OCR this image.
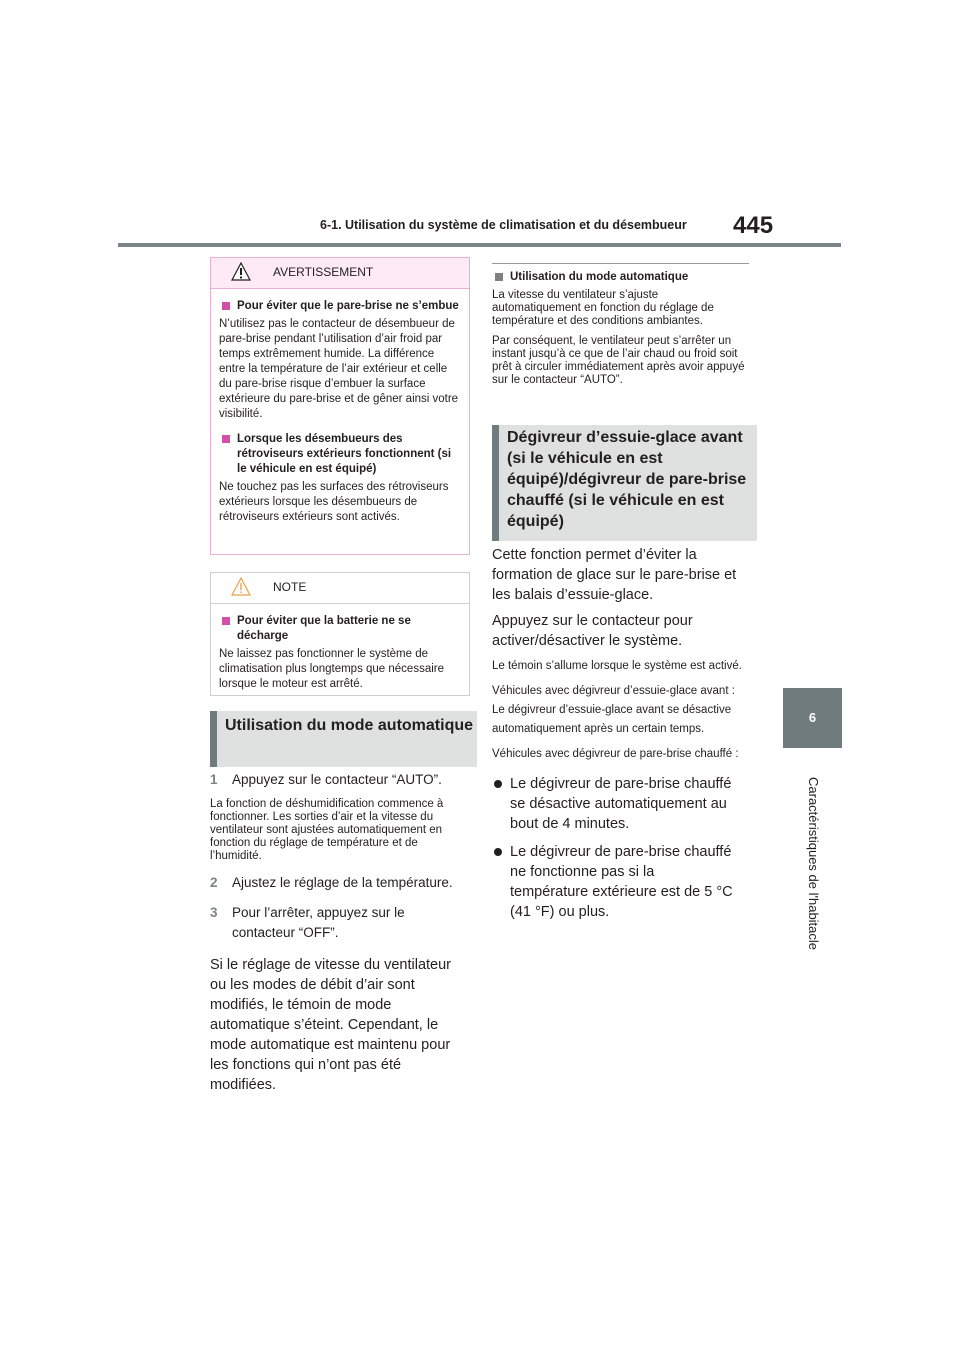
6-1. Utilisation du système de climatisation et du désembueur 445
6
Caractéristiques de l'habitacle
AVERTISSEMENT
Pour éviter que le pare-brise ne s’embue
N’utilisez pas le contacteur de désembueur de pare-brise pendant l’utilisation d’air froid par temps extrêmement humide. La différence entre la température de l’air extérieur et celle du pare-brise risque d’embuer la surface extérieure du pare-brise et de gêner ainsi votre visibilité.
Lorsque les désembueurs des rétroviseurs extérieurs fonctionnent (si le véhicule en est équipé)
Ne touchez pas les surfaces des rétroviseurs extérieurs lorsque les désembueurs de rétroviseurs extérieurs sont activés.
NOTE
Pour éviter que la batterie ne se décharge
Ne laissez pas fonctionner le système de climatisation plus longtemps que nécessaire lorsque le moteur est arrêté.
Utilisation du mode automatique
1 Appuyez sur le contacteur “AUTO”.
La fonction de déshumidification commence à fonctionner. Les sorties d’air et la vitesse du ventilateur sont ajustées automatiquement en fonction du réglage de température et de l’humidité.
2 Ajustez le réglage de la température.
3 Pour l’arrêter, appuyez sur le contacteur “OFF”.
Si le réglage de vitesse du ventilateur ou les modes de débit d’air sont modifiés, le témoin de mode automatique s’éteint. Cependant, le mode automatique est maintenu pour les fonctions qui n’ont pas été modifiées.
Utilisation du mode automatique
La vitesse du ventilateur s’ajuste automatiquement en fonction du réglage de température et des conditions ambiantes.
Par conséquent, le ventilateur peut s’arrêter un instant jusqu’à ce que de l’air chaud ou froid soit prêt à circuler immédiatement après avoir appuyé sur le contacteur “AUTO”.
Dégivreur d’essuie-glace avant (si le véhicule en est équipé)/dégivreur de pare-brise chauffé (si le véhicule en est équipé)
Cette fonction permet d’éviter la formation de glace sur le pare-brise et les balais d’essuie-glace.
Appuyez sur le contacteur pour activer/désactiver le système.
Le témoin s’allume lorsque le système est activé.
Véhicules avec dégivreur d’essuie-glace avant : Le dégivreur d’essuie-glace avant se désactive automatiquement après un certain temps.
Véhicules avec dégivreur de pare-brise chauffé :
Le dégivreur de pare-brise chauffé se désactive automatiquement au bout de 4 minutes.
Le dégivreur de pare-brise chauffé ne fonctionne pas si la température extérieure est de 5 °C (41 °F) ou plus.
